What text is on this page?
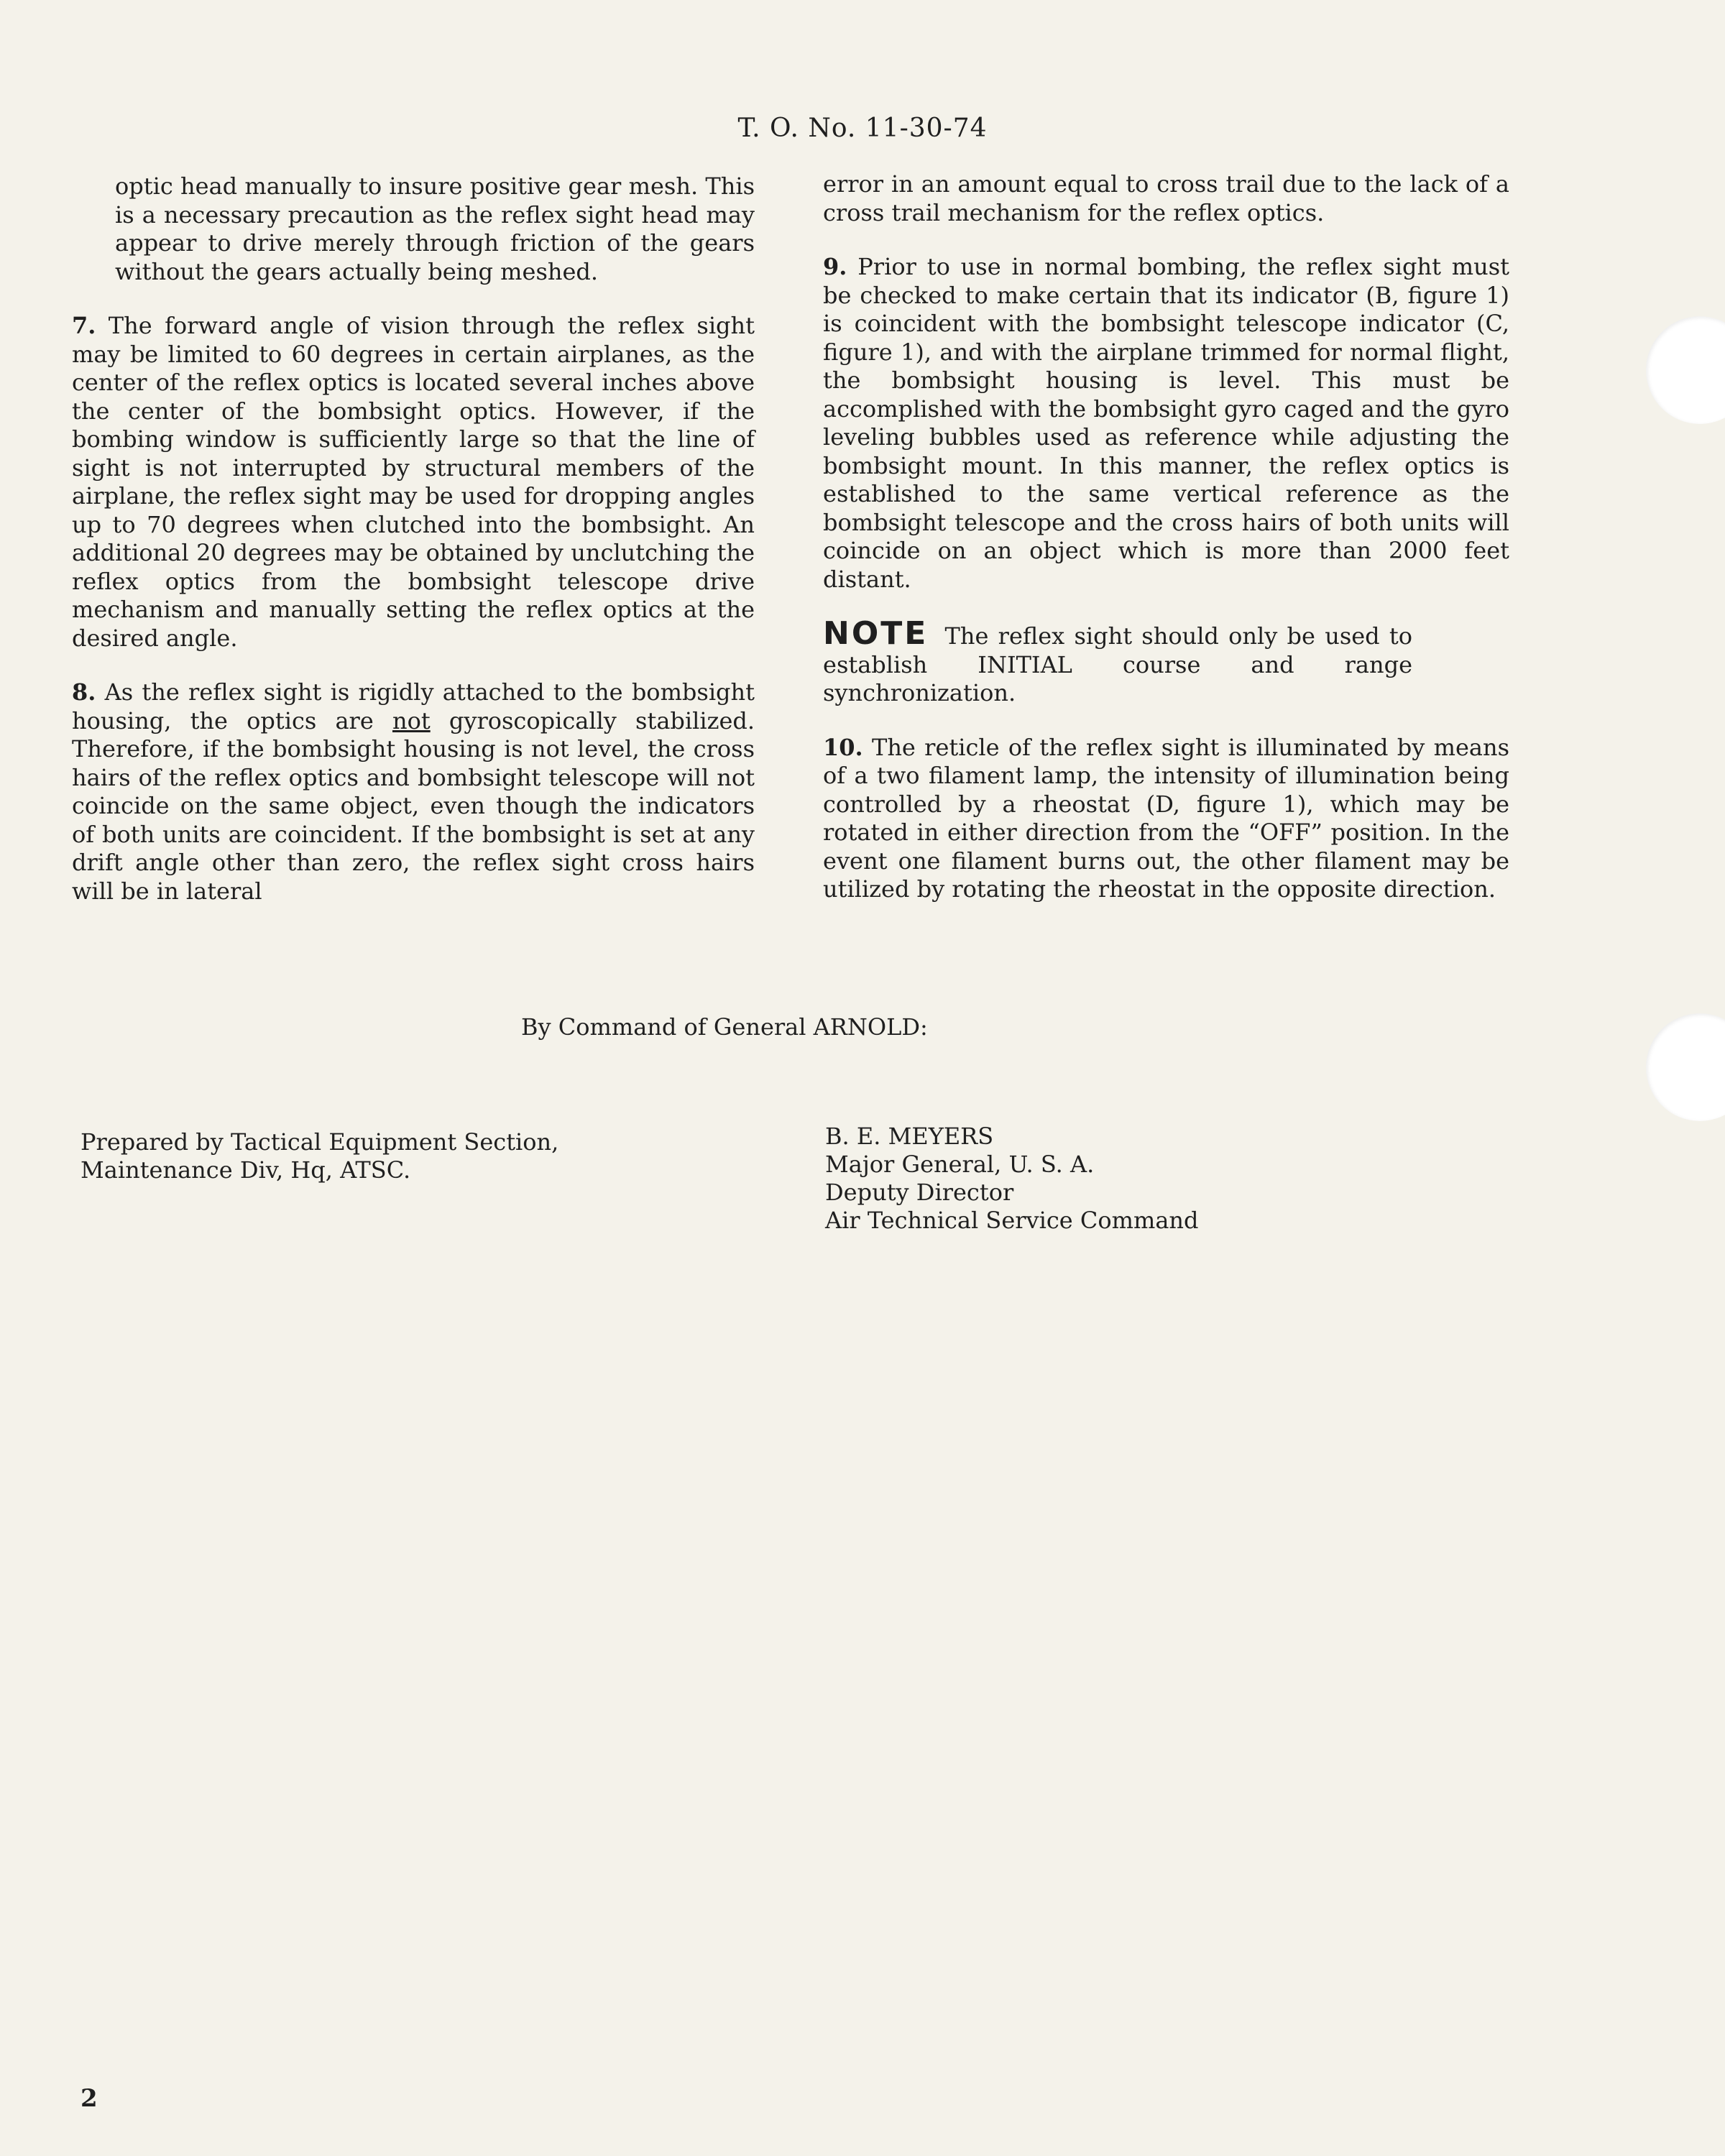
T. O. No. 11-30-74

optic head manually to insure positive gear mesh. This is a necessary precaution as the reflex sight head may appear to drive merely through friction of the gears without the gears actually being meshed.

7. The forward angle of vision through the reflex sight may be limited to 60 degrees in certain airplanes, as the center of the reflex optics is located several inches above the center of the bombsight optics. However, if the bombing window is sufficiently large so that the line of sight is not interrupted by structural members of the airplane, the reflex sight may be used for dropping angles up to 70 degrees when clutched into the bombsight. An additional 20 degrees may be obtained by unclutching the reflex optics from the bombsight telescope drive mechanism and manually setting the reflex optics at the desired angle.

8. As the reflex sight is rigidly attached to the bombsight housing, the optics are not gyroscopically stabilized. Therefore, if the bombsight housing is not level, the cross hairs of the reflex optics and bombsight telescope will not coincide on the same object, even though the indicators of both units are coincident. If the bombsight is set at any drift angle other than zero, the reflex sight cross hairs will be in lateral

error in an amount equal to cross trail due to the lack of a cross trail mechanism for the reflex optics.

9. Prior to use in normal bombing, the reflex sight must be checked to make certain that its indicator (B, figure 1) is coincident with the bombsight telescope indicator (C, figure 1), and with the airplane trimmed for normal flight, the bombsight housing is level. This must be accomplished with the bombsight gyro caged and the gyro leveling bubbles used as reference while adjusting the bombsight mount. In this manner, the reflex optics is established to the same vertical reference as the bombsight telescope and the cross hairs of both units will coincide on an object which is more than 2000 feet distant.

NOTE The reflex sight should only be used to establish INITIAL course and range synchronization.

10. The reticle of the reflex sight is illuminated by means of a two filament lamp, the intensity of illumination being controlled by a rheostat (D, figure 1), which may be rotated in either direction from the “OFF” position. In the event one filament burns out, the other filament may be utilized by rotating the rheostat in the opposite direction.

By Command of General ARNOLD:
Prepared by Tactical Equipment Section,
Maintenance Div, Hq, ATSC.
B. E. MEYERS
Major General, U. S. A.
Deputy Director
Air Technical Service Command
2
